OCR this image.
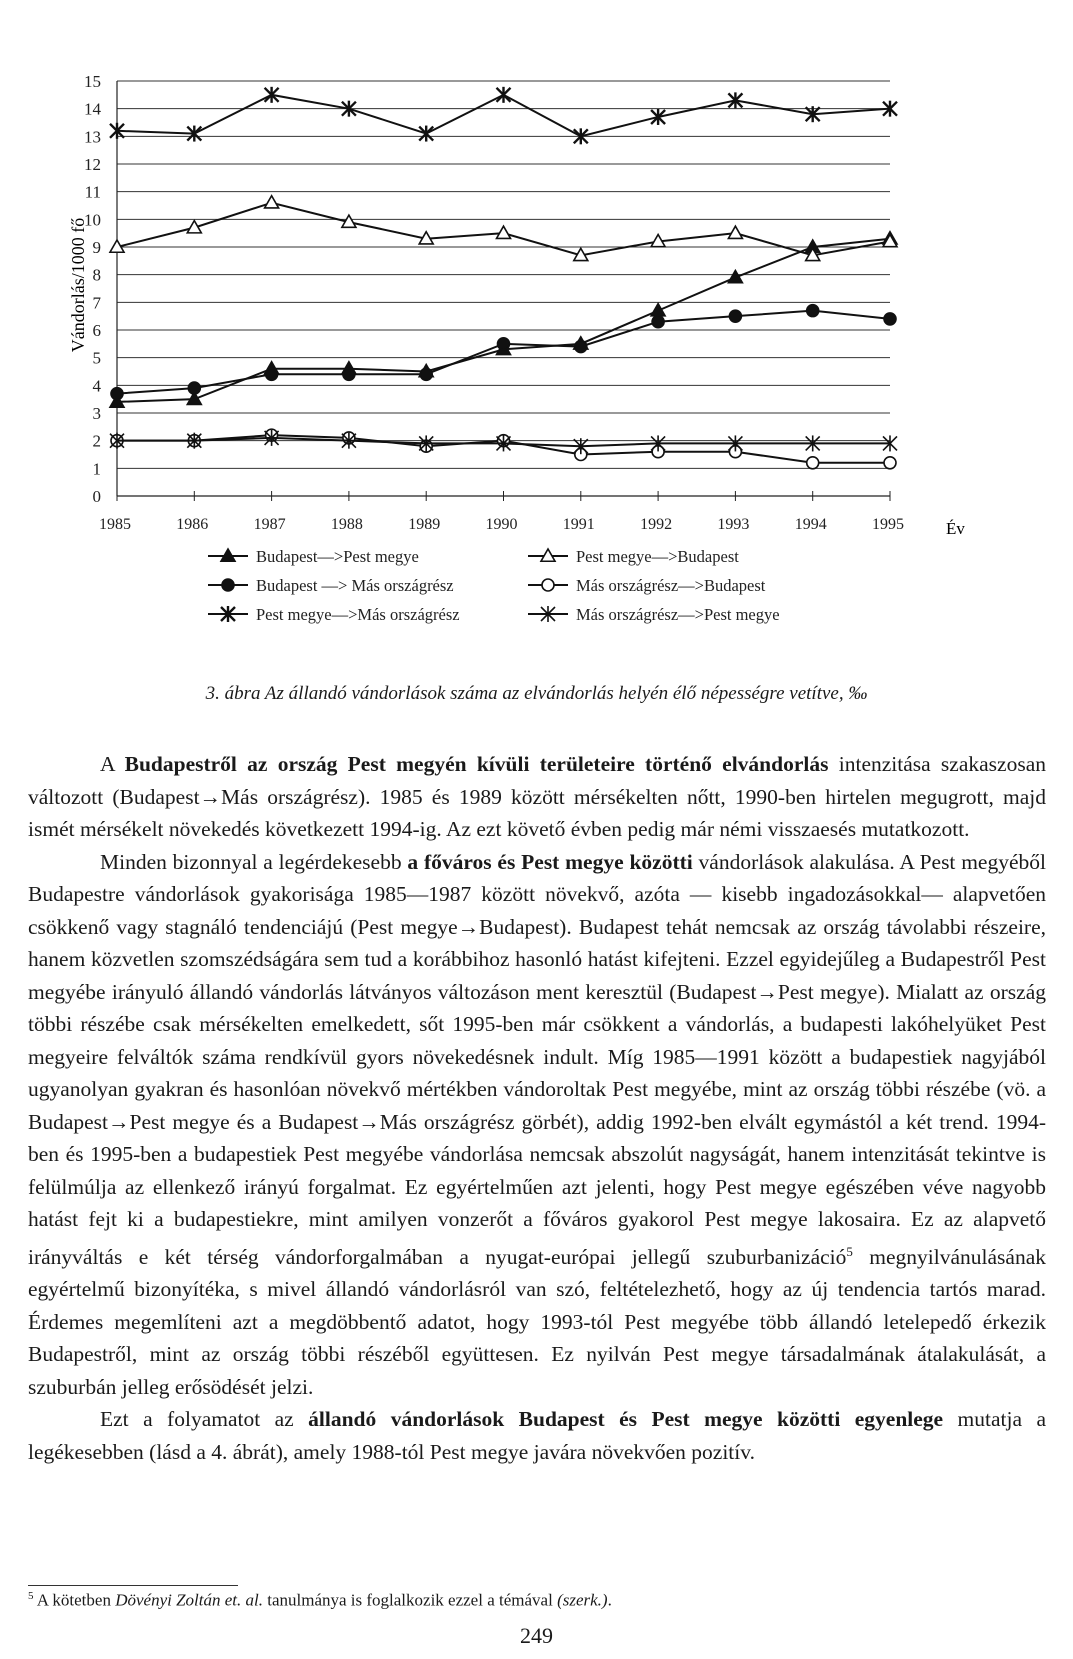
0
1
2
3
4
5
6
7
8
9
10
11
12
13
14
15
1985	1986	1987	1988	1989	1990	1991	1992	1993	1994	1995
Budapest—>Pest megye	Pest megye—>Budapest
Budapest —> Más országrész	Más országrész—>Budapest
Pest megye—>Más országrész	Más országrész—>Pest megye
Vándorlás/1000 fő
Év
3. ábra Az állandó vándorlások száma az elvándorlás helyén élő népességre vetítve, ‰

A Budapestről az ország Pest megyén kívüli területeire történő elvándorlás intenzitása szakaszosan változott (Budapest→Más országrész). 1985 és 1989 között mérsékelten nőtt, 1990-ben hirtelen megugrott, majd ismét mérsékelt növekedés következett 1994-ig. Az ezt követő évben pedig már némi visszaesés mutatkozott.

Minden bizonnyal a legérdekesebb a főváros és Pest megye közötti vándorlások alakulása. A Pest megyéből Budapestre vándorlások gyakorisága 1985—1987 között növekvő, azóta — kisebb ingadozásokkal— alapvetően csökkenő vagy stagnáló tendenciájú (Pest megye→Budapest). Budapest tehát nemcsak az ország távolabbi részeire, hanem közvetlen szomszédságára sem tud a korábbihoz hasonló hatást kifejteni. Ezzel egyidejűleg a Budapestről Pest megyébe irányuló állandó vándorlás látványos változáson ment keresztül (Budapest→Pest megye). Mialatt az ország többi részébe csak mérsékelten emelkedett, sőt 1995-ben már csökkent a vándorlás, a budapesti lakóhelyüket Pest megyeire felváltók száma rendkívül gyors növekedésnek indult. Míg 1985—1991 között a budapestiek nagyjából ugyanolyan gyakran és hasonlóan növekvő mértékben vándoroltak Pest megyébe, mint az ország többi részébe (vö. a Budapest→Pest megye és a Budapest→Más országrész görbét), addig 1992-ben elvált egymástól a két trend. 1994-ben és 1995-ben a budapestiek Pest megyébe vándorlása nemcsak abszolút nagyságát, hanem intenzitását tekintve is felülmúlja az ellenkező irányú forgalmat. Ez egyértelműen azt jelenti, hogy Pest megye egészében véve nagyobb hatást fejt ki a budapestiekre, mint amilyen vonzerőt a főváros gyakorol Pest megye lakosaira. Ez az alapvető irányváltás e két térség vándorforgalmában a nyugat-európai jellegű szuburbanizáció$^5$ megnyilvánulásának egyértelmű bizonyítéka, s mivel állandó vándorlásról van szó, feltételezhető, hogy az új tendencia tartós marad. Érdemes megemlíteni azt a megdöbbentő adatot, hogy 1993-tól Pest megyébe több állandó letelepedő érkezik Budapestről, mint az ország többi részéből együttesen. Ez nyilván Pest megye társadalmának átalakulását, a szuburbán jelleg erősödését jelzi.

Ezt a folyamatot az állandó vándorlások Budapest és Pest megye közötti egyenlege mutatja a legékesebben (lásd a 4. ábrát), amely 1988-tól Pest megye javára növekvően pozitív.

$^5$ A kötetben Dövényi Zoltán et. al. tanulmánya is foglalkozik ezzel a témával (szerk.).
249
